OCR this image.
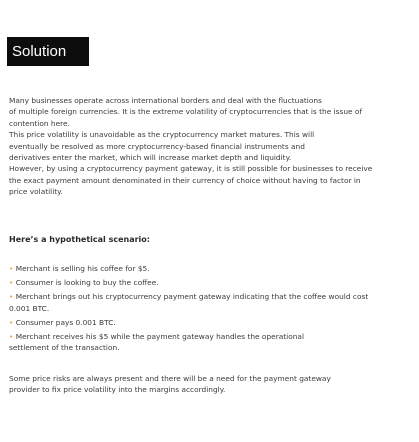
Solution

Many businesses operate across international borders and deal with the fluctuations

of multiple foreign currencies. It is the extreme volatility of cryptocurrencies that is the issue of

contention here.

This price volatility is unavoidable as the cryptocurrency market matures. This will

eventually be resolved as more cryptocurrency-based financial instruments and

derivatives enter the market, which will increase market depth and liquidity.

However, by using a cryptocurrency payment gateway, it is still possible for businesses to receive

the exact payment amount denominated in their currency of choice without having to factor in

price volatility.

Here’s a hypothetical scenario:
• Merchant is selling his coffee for $5.
• Consumer is looking to buy the coffee.
• Merchant brings out his cryptocurrency payment gateway indicating that the coffee would cost
0.001 BTC.
• Consumer pays 0.001 BTC.
• Merchant receives his $5 while the payment gateway handles the operational
settlement of the transaction.

Some price risks are always present and there will be a need for the payment gateway

provider to fix price volatility into the margins accordingly.
